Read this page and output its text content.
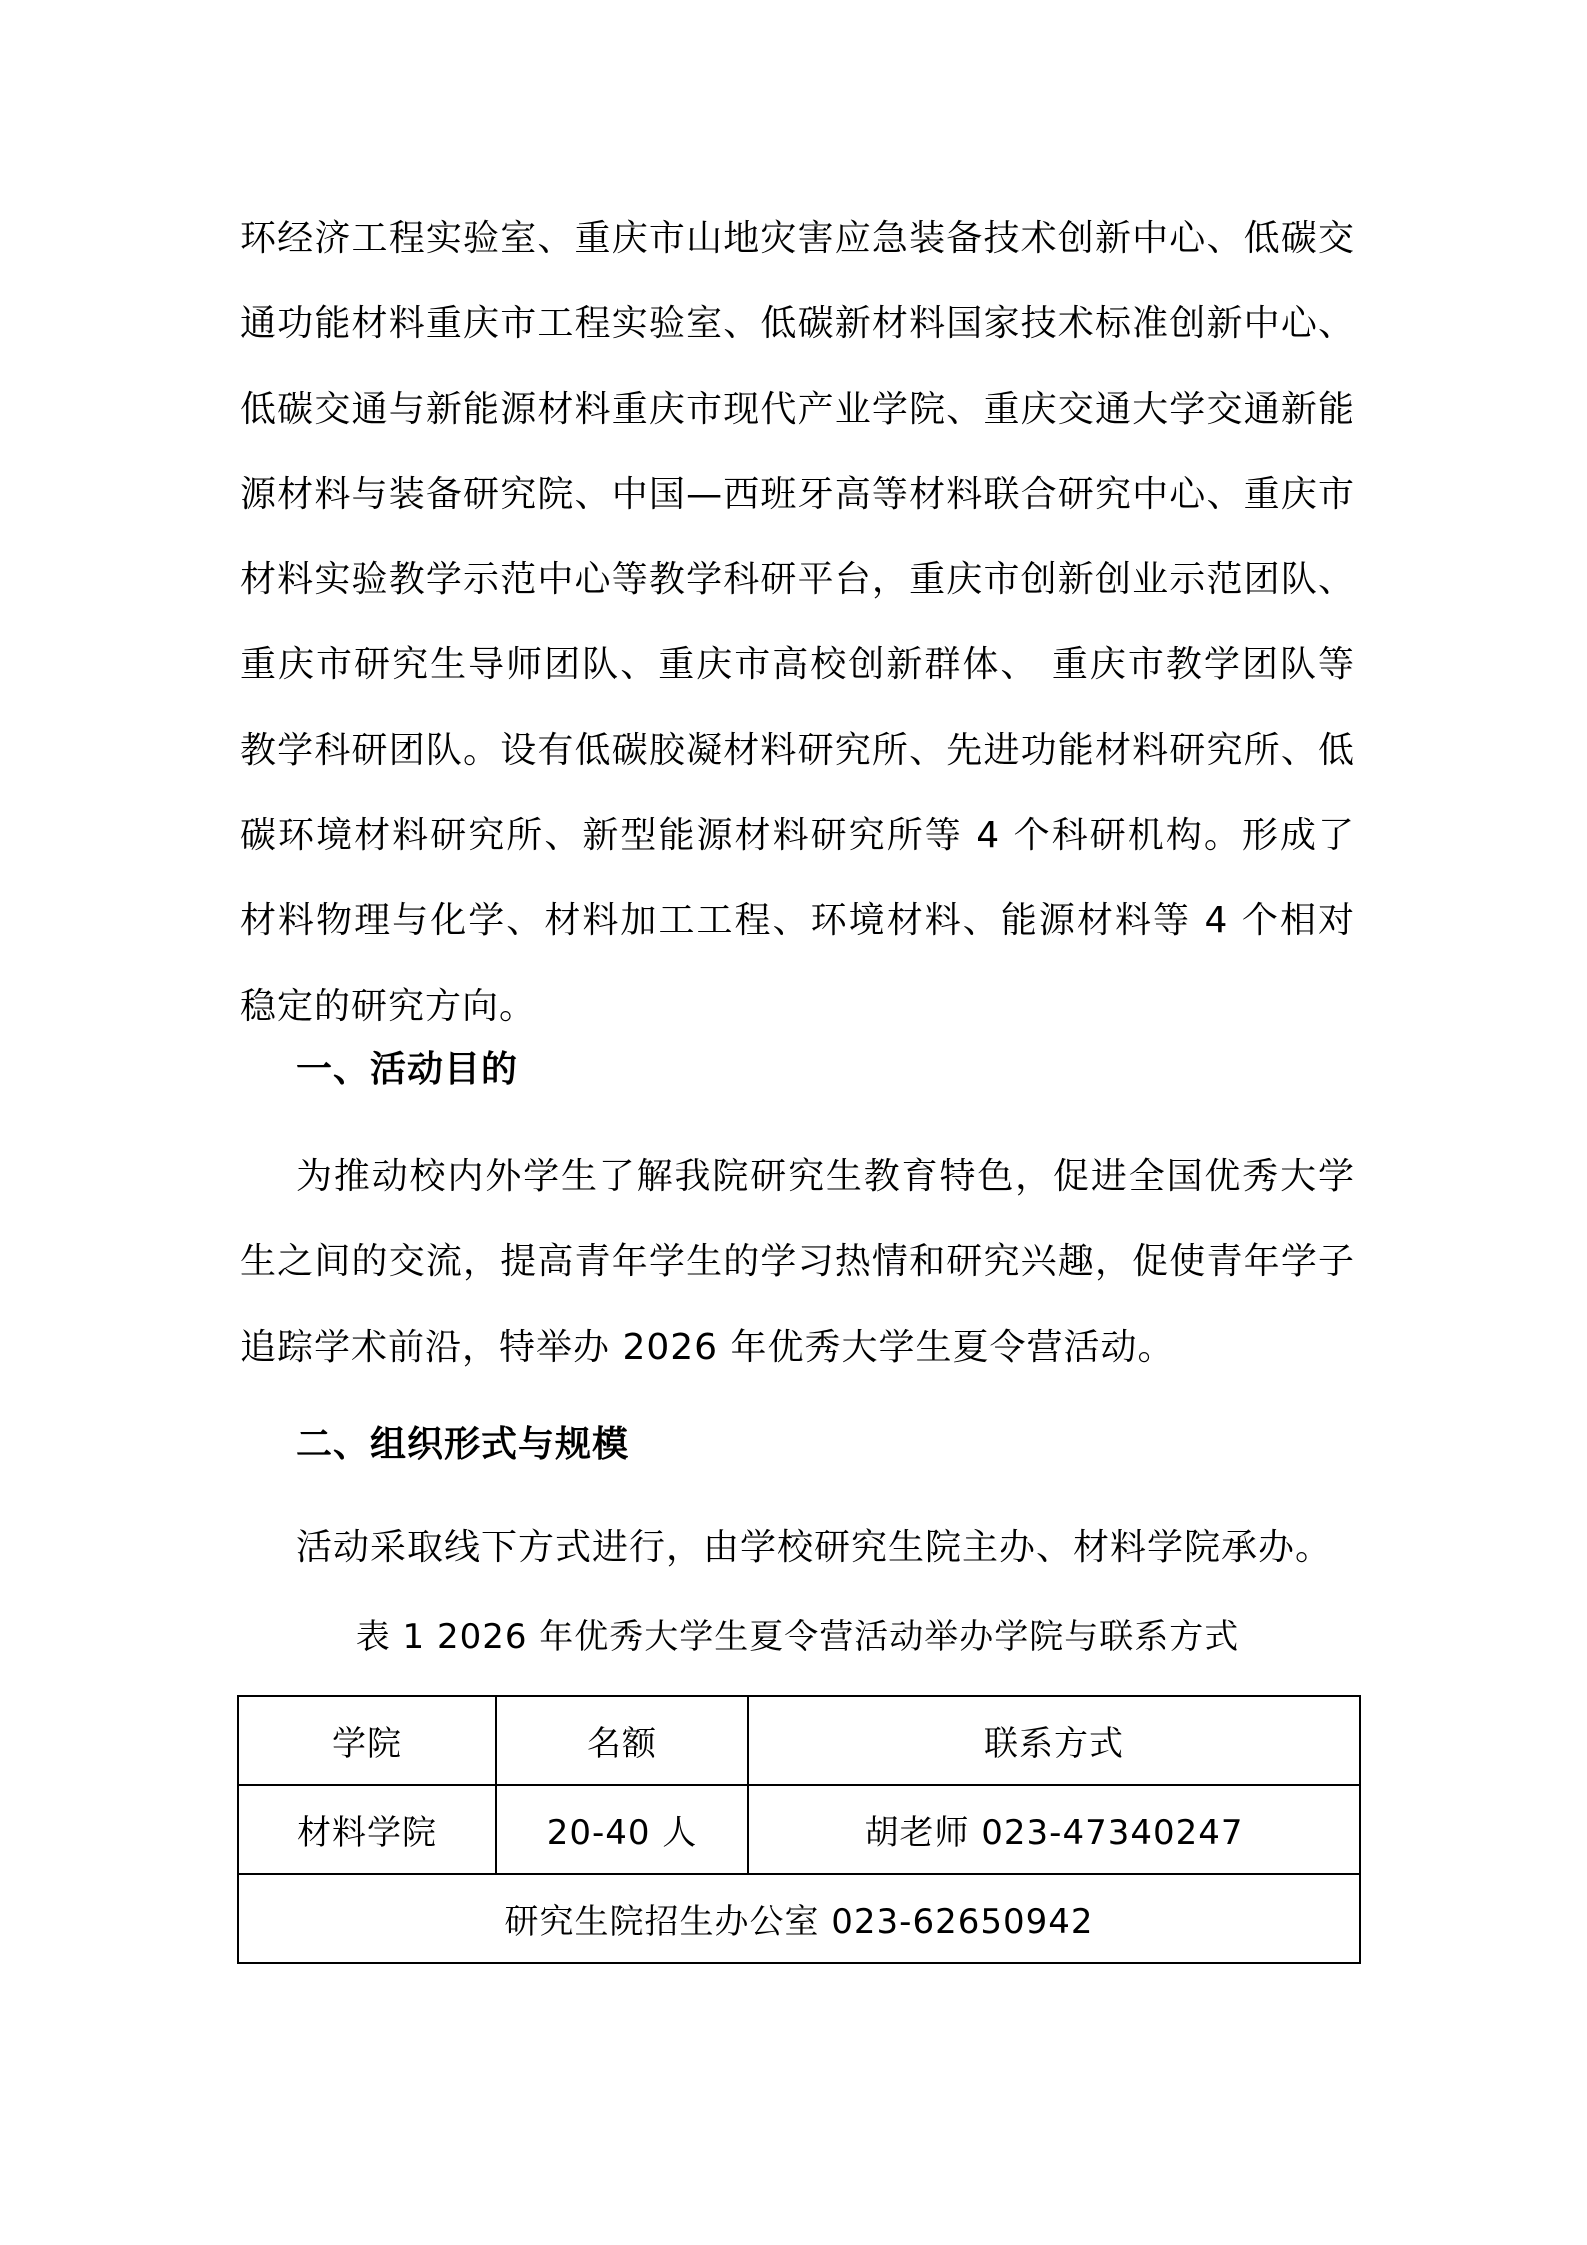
环经济工程实验室、重庆市山地灾害应急装备技术创新中心、低碳交通功能材料重庆市工程实验室、低碳新材料国家技术标准创新中心、低碳交通与新能源材料重庆市现代产业学院、重庆交通大学交通新能源材料与装备研究院、中国—西班牙高等材料联合研究中心、重庆市材料实验教学示范中心等教学科研平台，重庆市创新创业示范团队、重庆市研究生导师团队、重庆市高校创新群体、 重庆市教学团队等教学科研团队。设有低碳胶凝材料研究所、先进功能材料研究所、低碳环境材料研究所、新型能源材料研究所等 4 个科研机构。形成了材料物理与化学、材料加工工程、环境材料、能源材料等 4 个相对稳定的研究方向。

一、活动目的

为推动校内外学生了解我院研究生教育特色，促进全国优秀大学生之间的交流，提高青年学生的学习热情和研究兴趣，促使青年学子追踪学术前沿，特举办 2026 年优秀大学生夏令营活动。

二、组织形式与规模

活动采取线下方式进行，由学校研究生院主办、材料学院承办。

表 1 2026 年优秀大学生夏令营活动举办学院与联系方式

学院	名额	联系方式
材料学院	20-40 人	胡老师 023-47340247
研究生院招生办公室 023-62650942		
